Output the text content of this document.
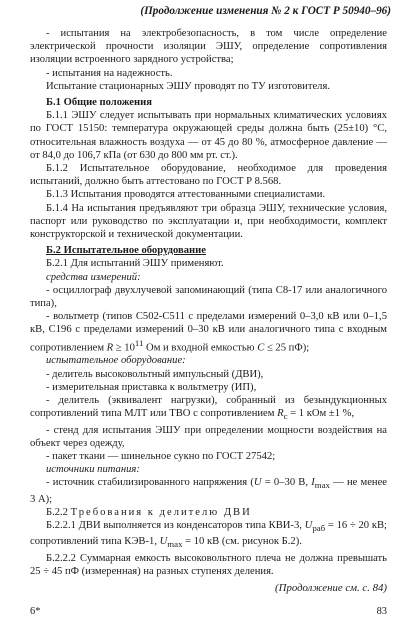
(Продолжение изменения № 2 к ГОСТ Р 50940–96)

- испытания на электробезопасность, в том числе определение электрической прочности изоляции ЭШУ, определение сопротивления изоляции встроенного зарядного устройства;

- испытания на надежность.

Испытание стационарных ЭШУ проводят по ТУ изготовителя.

Б.1 Общие положения

Б.1.1 ЭШУ следует испытывать при нормальных климатических условиях по ГОСТ 15150: температура окружающей среды должна быть (25±10) °С, относительная влажность воздуха — от 45 до 80 %, атмосферное давление — от 84,0 до 106,7 кПа (от 630 до 800 мм рт. ст.).

Б.1.2 Испытательное оборудование, необходимое для проведения испытаний, должно быть аттестовано по ГОСТ Р 8.568.

Б.1.3 Испытания проводятся аттестованными специалистами.

Б.1.4 На испытания предъявляют три образца ЭШУ, технические условия, паспорт или руководство по эксплуатации и, при необходимости, комплект конструкторской и технической документации.

Б.2 Испытательное оборудование

Б.2.1 Для испытаний ЭШУ применяют.

средства измерений:

- осциллограф двухлучевой запоминающий (типа С8-17 или аналогичного типа),

- вольтметр (типов С502-С511 с пределами измерений 0–3,0 кВ или 0–1,5 кВ, С196 с пределами измерений 0–30 кВ или аналогичного типа с входным сопротивлением $R \ge 10^{11}$ Ом и входной емкостью C ≤ 25 пФ);

испытательное оборудование:

- делитель высоковольтный импульсный (ДВИ),

- измерительная приставка к вольтметру (ИП),

- делитель (эквивалент нагрузки), собранный из безындукционных сопротивлений типа МЛТ или ТВО с сопротивлением $R_с = 1$ кОм ±1 %,

- стенд для испытания ЭШУ при определении мощности воздействия на объект через одежду,

- пакет ткани — шинельное сукно по ГОСТ 27542;

источники питания:

- источник стабилизированного напряжения (U = 0–30 В, $I_{max}$ — не менее 3 А);

Б.2.2 Требования к делителю ДВИ

Б.2.2.1 ДВИ выполняется из конденсаторов типа КВИ-3, $U_{раб} = 16 \div 20$ кВ; сопротивлений типа КЭВ-1, $U_{max} = 10$ кВ (см. рисунок Б.2).

Б.2.2.2 Суммарная емкость высоковольтного плеча не должна превышать 25 ÷ 45 пФ (измеренная) на разных ступенях деления.

(Продолжение см. с. 84)
6*	83
